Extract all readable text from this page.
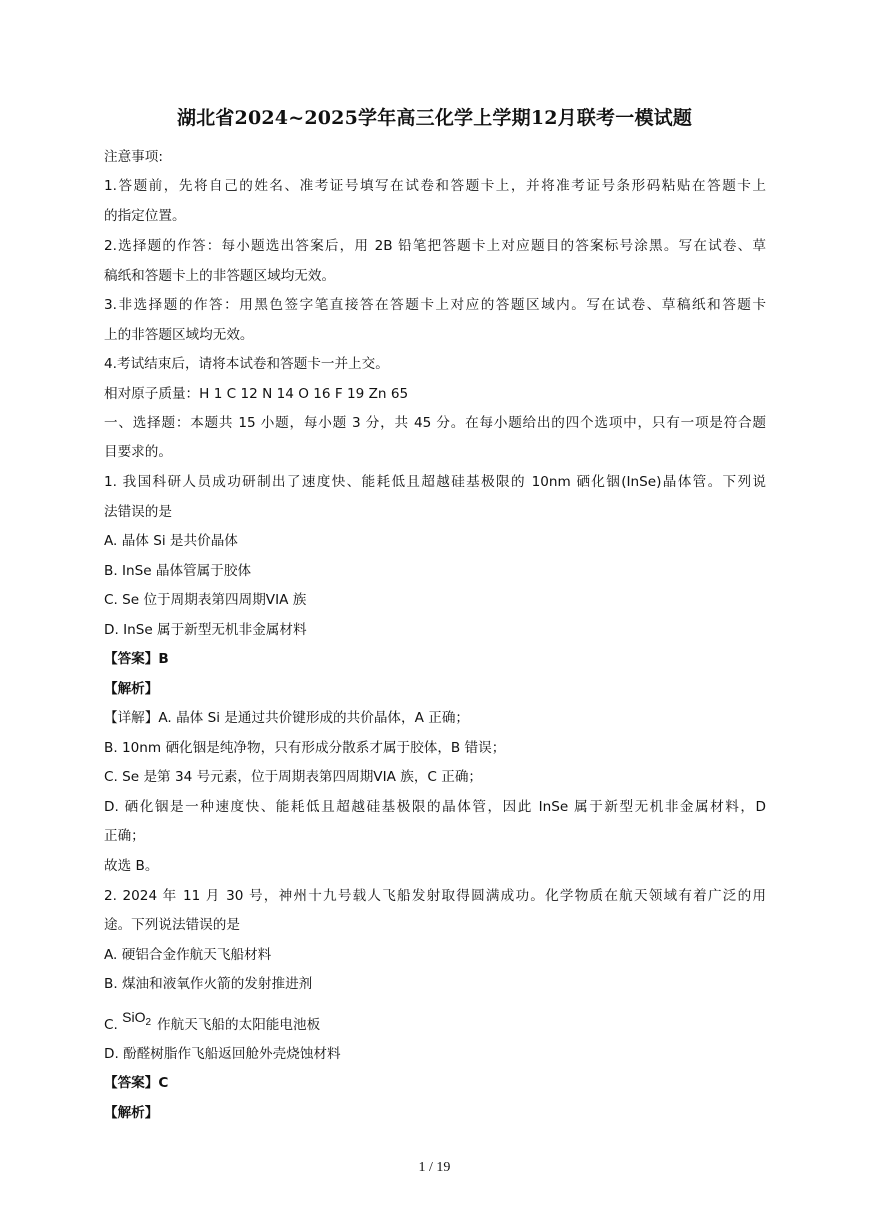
湖北省2024~2025学年高三化学上学期12月联考一模试题
注意事项:
1.答题前，先将自己的姓名、准考证号填写在试卷和答题卡上，并将准考证号条形码粘贴在答题卡上
的指定位置。
2.选择题的作答：每小题选出答案后，用 2B 铅笔把答题卡上对应题目的答案标号涂黑。写在试卷、草
稿纸和答题卡上的非答题区域均无效。
3.非选择题的作答：用黑色签字笔直接答在答题卡上对应的答题区域内。写在试卷、草稿纸和答题卡
上的非答题区域均无效。
4.考试结束后，请将本试卷和答题卡一并上交。
相对原子质量：H 1 C 12 N 14 O 16 F 19 Zn 65
一、选择题：本题共 15 小题，每小题 3 分，共 45 分。在每小题给出的四个选项中，只有一项是符合题
目要求的。
1. 我国科研人员成功研制出了速度快、能耗低且超越硅基极限的 10nm 硒化铟(InSe)晶体管。下列说
法错误的是
A. 晶体 Si 是共价晶体
B. InSe 晶体管属于胶体
C. Se 位于周期表第四周期VIA 族
D. InSe 属于新型无机非金属材料
【答案】B
【解析】
【详解】A. 晶体 Si 是通过共价键形成的共价晶体，A 正确；
B. 10nm 硒化铟是纯净物，只有形成分散系才属于胶体，B 错误；
C. Se 是第 34 号元素，位于周期表第四周期VIA 族，C 正确；
D. 硒化铟是一种速度快、能耗低且超越硅基极限的晶体管，因此 InSe 属于新型无机非金属材料，D
正确；
故选 B。
2. 2024 年 11 月 30 号，神州十九号载人飞船发射取得圆满成功。化学物质在航天领域有着广泛的用
途。下列说法错误的是
A. 硬铝合金作航天飞船材料
B. 煤油和液氧作火箭的发射推进剂
C. SiO$_2$ 作航天飞船的太阳能电池板
D. 酚醛树脂作飞船返回舱外壳烧蚀材料
【答案】C
【解析】
1 / 19
